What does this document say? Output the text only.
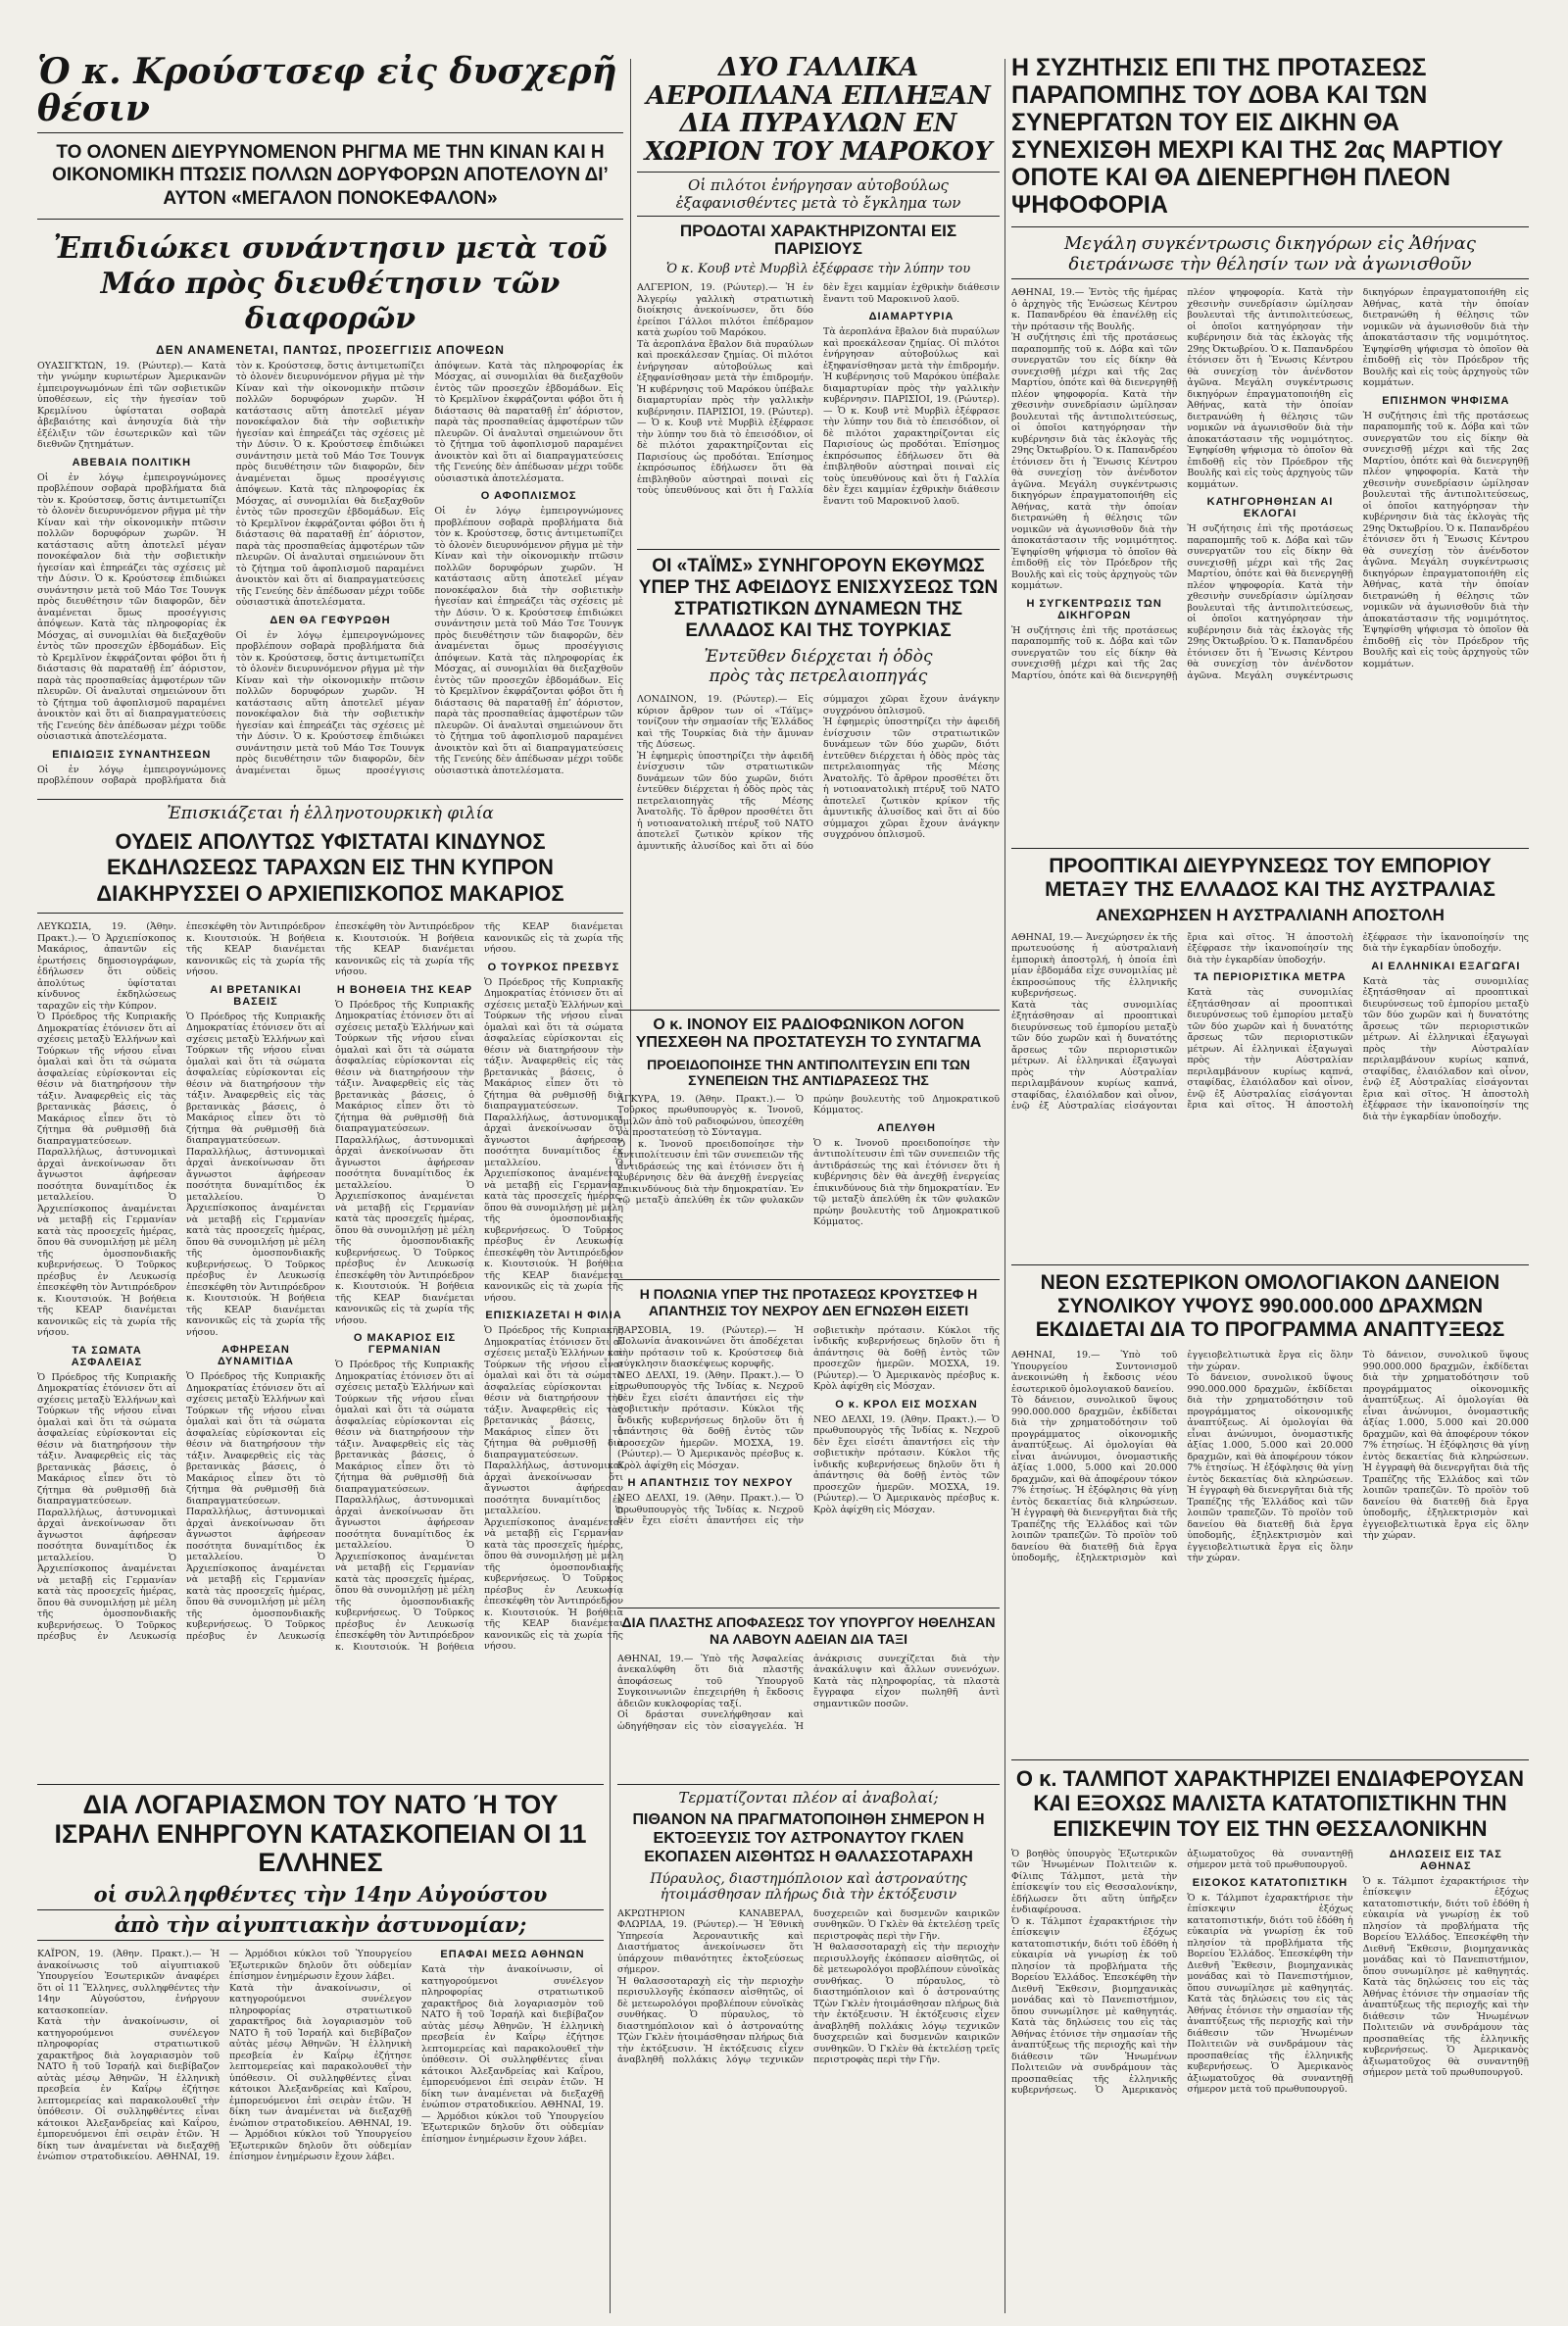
Ὁ κ. Κρούστσεφ εἰς δυσχερῆ θέσιν
ΤΟ ΟΛΟΝΕΝ ΔΙΕΥΡΥΝΟΜΕΝΟΝ ΡΗΓΜΑ ΜΕ ΤΗΝ ΚΙΝΑΝ ΚΑΙ Η ΟΙΚΟΝΟΜΙΚΗ ΠΤΩΣΙΣ ΠΟΛΛΩΝ ΔΟΡΥΦΟΡΩΝ ΑΠΟΤΕΛΟΥΝ ΔΙ’ ΑΥΤΟΝ «ΜΕΓΑΛΟΝ ΠΟΝΟΚΕΦΑΛΟΝ»
Ἐπιδιώκει συνάντησιν μετὰ τοῦ Μάο πρὸς διευθέτησιν τῶν διαφορῶν
ΔΕΝ ΑΝΑΜΕΝΕΤΑΙ, ΠΑΝΤΩΣ, ΠΡΟΣΕΓΓΙΣΙΣ ΑΠΟΨΕΩΝ

ΟΥΑΣΙΓΚΤΩΝ, 19. (Ρώυτερ).— Κατὰ τὴν γνώμην κυριωτέρων Ἀμερικανῶν ἐμπειρογνωμόνων ἐπὶ τῶν σοβιετικῶν ὑποθέσεων, εἰς τὴν ἡγεσίαν τοῦ Κρεμλίνου ὑφίσταται σοβαρὰ ἀβεβαιότης καὶ ἀνησυχία διὰ τὴν ἐξέλιξιν τῶν ἐσωτερικῶν καὶ τῶν διεθνῶν ζητημάτων.

ΑΒΕΒΑΙΑ ΠΟΛΙΤΙΚΗ

Οἱ ἐν λόγῳ ἐμπειρογνώμονες προβλέπουν σοβαρὰ προβλήματα διὰ τὸν κ. Κρούστσεφ, ὅστις ἀντιμετωπίζει τὸ ὁλονὲν διευρυνόμενον ρῆγμα μὲ τὴν Κίναν καὶ τὴν οἰκονομικὴν πτῶσιν πολλῶν δορυφόρων χωρῶν. Ἡ κατάστασις αὕτη ἀποτελεῖ μέγαν πονοκέφαλον διὰ τὴν σοβιετικὴν ἡγεσίαν καὶ ἐπηρεάζει τὰς σχέσεις μὲ τὴν Δύσιν. Ὁ κ. Κρούστσεφ ἐπιδιώκει συνάντησιν μετὰ τοῦ Μάο Τσε Τουνγκ πρὸς διευθέτησιν τῶν διαφορῶν, δὲν ἀναμένεται ὅμως προσέγγισις ἀπόψεων. Κατὰ τὰς πληροφορίας ἐκ Μόσχας, αἱ συνομιλίαι θὰ διεξαχθοῦν ἐντὸς τῶν προσεχῶν ἑβδομάδων. Εἰς τὸ Κρεμλῖνον ἐκφράζονται φόβοι ὅτι ἡ διάστασις θὰ παραταθῇ ἐπ’ ἀόριστον, παρὰ τὰς προσπαθείας ἀμφοτέρων τῶν πλευρῶν. Οἱ ἀναλυταὶ σημειώνουν ὅτι τὸ ζήτημα τοῦ ἀφοπλισμοῦ παραμένει ἀνοικτὸν καὶ ὅτι αἱ διαπραγματεύσεις τῆς Γενεύης δὲν ἀπέδωσαν μέχρι τοῦδε οὐσιαστικὰ ἀποτελέσματα.

ΕΠΙΔΙΩΞΙΣ ΣΥΝΑΝΤΗΣΕΩΝ

Οἱ ἐν λόγῳ ἐμπειρογνώμονες προβλέπουν σοβαρὰ προβλήματα διὰ τὸν κ. Κρούστσεφ, ὅστις ἀντιμετωπίζει τὸ ὁλονὲν διευρυνόμενον ρῆγμα μὲ τὴν Κίναν καὶ τὴν οἰκονομικὴν πτῶσιν πολλῶν δορυφόρων χωρῶν. Ἡ κατάστασις αὕτη ἀποτελεῖ μέγαν πονοκέφαλον διὰ τὴν σοβιετικὴν ἡγεσίαν καὶ ἐπηρεάζει τὰς σχέσεις μὲ τὴν Δύσιν. Ὁ κ. Κρούστσεφ ἐπιδιώκει συνάντησιν μετὰ τοῦ Μάο Τσε Τουνγκ πρὸς διευθέτησιν τῶν διαφορῶν, δὲν ἀναμένεται ὅμως προσέγγισις ἀπόψεων. Κατὰ τὰς πληροφορίας ἐκ Μόσχας, αἱ συνομιλίαι θὰ διεξαχθοῦν ἐντὸς τῶν προσεχῶν ἑβδομάδων. Εἰς τὸ Κρεμλῖνον ἐκφράζονται φόβοι ὅτι ἡ διάστασις θὰ παραταθῇ ἐπ’ ἀόριστον, παρὰ τὰς προσπαθείας ἀμφοτέρων τῶν πλευρῶν. Οἱ ἀναλυταὶ σημειώνουν ὅτι τὸ ζήτημα τοῦ ἀφοπλισμοῦ παραμένει ἀνοικτὸν καὶ ὅτι αἱ διαπραγματεύσεις τῆς Γενεύης δὲν ἀπέδωσαν μέχρι τοῦδε οὐσιαστικὰ ἀποτελέσματα.

ΔΕΝ ΘΑ ΓΕΦΥΡΩΘΗ

Οἱ ἐν λόγῳ ἐμπειρογνώμονες προβλέπουν σοβαρὰ προβλήματα διὰ τὸν κ. Κρούστσεφ, ὅστις ἀντιμετωπίζει τὸ ὁλονὲν διευρυνόμενον ρῆγμα μὲ τὴν Κίναν καὶ τὴν οἰκονομικὴν πτῶσιν πολλῶν δορυφόρων χωρῶν. Ἡ κατάστασις αὕτη ἀποτελεῖ μέγαν πονοκέφαλον διὰ τὴν σοβιετικὴν ἡγεσίαν καὶ ἐπηρεάζει τὰς σχέσεις μὲ τὴν Δύσιν. Ὁ κ. Κρούστσεφ ἐπιδιώκει συνάντησιν μετὰ τοῦ Μάο Τσε Τουνγκ πρὸς διευθέτησιν τῶν διαφορῶν, δὲν ἀναμένεται ὅμως προσέγγισις ἀπόψεων. Κατὰ τὰς πληροφορίας ἐκ Μόσχας, αἱ συνομιλίαι θὰ διεξαχθοῦν ἐντὸς τῶν προσεχῶν ἑβδομάδων. Εἰς τὸ Κρεμλῖνον ἐκφράζονται φόβοι ὅτι ἡ διάστασις θὰ παραταθῇ ἐπ’ ἀόριστον, παρὰ τὰς προσπαθείας ἀμφοτέρων τῶν πλευρῶν. Οἱ ἀναλυταὶ σημειώνουν ὅτι τὸ ζήτημα τοῦ ἀφοπλισμοῦ παραμένει ἀνοικτὸν καὶ ὅτι αἱ διαπραγματεύσεις τῆς Γενεύης δὲν ἀπέδωσαν μέχρι τοῦδε οὐσιαστικὰ ἀποτελέσματα.

Ο ΑΦΟΠΛΙΣΜΟΣ

Οἱ ἐν λόγῳ ἐμπειρογνώμονες προβλέπουν σοβαρὰ προβλήματα διὰ τὸν κ. Κρούστσεφ, ὅστις ἀντιμετωπίζει τὸ ὁλονὲν διευρυνόμενον ρῆγμα μὲ τὴν Κίναν καὶ τὴν οἰκονομικὴν πτῶσιν πολλῶν δορυφόρων χωρῶν. Ἡ κατάστασις αὕτη ἀποτελεῖ μέγαν πονοκέφαλον διὰ τὴν σοβιετικὴν ἡγεσίαν καὶ ἐπηρεάζει τὰς σχέσεις μὲ τὴν Δύσιν. Ὁ κ. Κρούστσεφ ἐπιδιώκει συνάντησιν μετὰ τοῦ Μάο Τσε Τουνγκ πρὸς διευθέτησιν τῶν διαφορῶν, δὲν ἀναμένεται ὅμως προσέγγισις ἀπόψεων. Κατὰ τὰς πληροφορίας ἐκ Μόσχας, αἱ συνομιλίαι θὰ διεξαχθοῦν ἐντὸς τῶν προσεχῶν ἑβδομάδων. Εἰς τὸ Κρεμλῖνον ἐκφράζονται φόβοι ὅτι ἡ διάστασις θὰ παραταθῇ ἐπ’ ἀόριστον, παρὰ τὰς προσπαθείας ἀμφοτέρων τῶν πλευρῶν. Οἱ ἀναλυταὶ σημειώνουν ὅτι τὸ ζήτημα τοῦ ἀφοπλισμοῦ παραμένει ἀνοικτὸν καὶ ὅτι αἱ διαπραγματεύσεις τῆς Γενεύης δὲν ἀπέδωσαν μέχρι τοῦδε οὐσιαστικὰ ἀποτελέσματα.

ΔΥΟ ΓΑΛΛΙΚΑ ΑΕΡΟΠΛΑΝΑ ΕΠΛΗΞΑΝ ΔΙΑ ΠΥΡΑΥΛΩΝ ΕΝ ΧΩΡΙΟΝ ΤΟΥ ΜΑΡΟΚΟΥ
Οἱ πιλότοι ἐνήργησαν αὐτοβούλως
ἐξαφανισθέντες μετὰ τὸ ἔγκλημα των
ΠΡΟΔΟΤΑΙ ΧΑΡΑΚΤΗΡΙΖΟΝΤΑΙ ΕΙΣ ΠΑΡΙΣΙΟΥΣ
Ὁ κ. Κουβ ντὲ Μυρβὶλ ἐξέφρασε τὴν λύπην του

ΑΛΓΕΡΙΟΝ, 19. (Ρώυτερ).— Ἡ ἐν Ἀλγερίῳ γαλλικὴ στρατιωτικὴ διοίκησις ἀνεκοίνωσεν, ὅτι δύο ἐρείποι Γάλλοι πιλότοι ἐπέδραμον κατὰ χωρίου τοῦ Μαρόκου.

Τὰ ἀεροπλάνα ἔβαλον διὰ πυραύλων καὶ προεκάλεσαν ζημίας. Οἱ πιλότοι ἐνήργησαν αὐτοβούλως καὶ ἐξηφανίσθησαν μετὰ τὴν ἐπιδρομήν. Ἡ κυβέρνησις τοῦ Μαρόκου ὑπέβαλε διαμαρτυρίαν πρὸς τὴν γαλλικὴν κυβέρνησιν. ΠΑΡΙΣΙΟΙ, 19. (Ρώυτερ).— Ὁ κ. Κουβ ντὲ Μυρβὶλ ἐξέφρασε τὴν λύπην του διὰ τὸ ἐπεισόδιον, οἱ δὲ πιλότοι χαρακτηρίζονται εἰς Παρισίους ὡς προδόται. Ἐπίσημος ἐκπρόσωπος ἐδήλωσεν ὅτι θὰ ἐπιβληθοῦν αὐστηραὶ ποιναὶ εἰς τοὺς ὑπευθύνους καὶ ὅτι ἡ Γαλλία δὲν ἔχει καμμίαν ἐχθρικὴν διάθεσιν ἔναντι τοῦ Μαροκινοῦ λαοῦ.

ΔΙΑΜΑΡΤΥΡΙΑ

Τὰ ἀεροπλάνα ἔβαλον διὰ πυραύλων καὶ προεκάλεσαν ζημίας. Οἱ πιλότοι ἐνήργησαν αὐτοβούλως καὶ ἐξηφανίσθησαν μετὰ τὴν ἐπιδρομήν. Ἡ κυβέρνησις τοῦ Μαρόκου ὑπέβαλε διαμαρτυρίαν πρὸς τὴν γαλλικὴν κυβέρνησιν. ΠΑΡΙΣΙΟΙ, 19. (Ρώυτερ).— Ὁ κ. Κουβ ντὲ Μυρβὶλ ἐξέφρασε τὴν λύπην του διὰ τὸ ἐπεισόδιον, οἱ δὲ πιλότοι χαρακτηρίζονται εἰς Παρισίους ὡς προδόται. Ἐπίσημος ἐκπρόσωπος ἐδήλωσεν ὅτι θὰ ἐπιβληθοῦν αὐστηραὶ ποιναὶ εἰς τοὺς ὑπευθύνους καὶ ὅτι ἡ Γαλλία δὲν ἔχει καμμίαν ἐχθρικὴν διάθεσιν ἔναντι τοῦ Μαροκινοῦ λαοῦ.

Η ΣΥΖΗΤΗΣΙΣ ΕΠΙ ΤΗΣ ΠΡΟΤΑΣΕΩΣ ΠΑΡΑΠΟΜΠΗΣ ΤΟΥ ΔΟΒΑ ΚΑΙ ΤΩΝ ΣΥΝΕΡΓΑΤΩΝ ΤΟΥ ΕΙΣ ΔΙΚΗΝ ΘΑ ΣΥΝΕΧΙΣΘΗ ΜΕΧΡΙ ΚΑΙ ΤΗΣ 2ας ΜΑΡΤΙΟΥ ΟΠΟΤΕ ΚΑΙ ΘΑ ΔΙΕΝΕΡΓΗΘΗ ΠΛΕΟΝ ΨΗΦΟΦΟΡΙΑ
Μεγάλη συγκέντρωσις δικηγόρων εἰς Ἀθήνας
διετράνωσε τὴν θέλησίν των νὰ ἀγωνισθοῦν

ΑΘΗΝΑΙ, 19.— Ἐντὸς τῆς ἡμέρας ὁ ἀρχηγὸς τῆς Ἑνώσεως Κέντρου κ. Παπανδρέου θὰ ἐπανέλθῃ εἰς τὴν πρότασιν τῆς Βουλῆς.

Ἡ συζήτησις ἐπὶ τῆς προτάσεως παραπομπῆς τοῦ κ. Δόβα καὶ τῶν συνεργατῶν του εἰς δίκην θὰ συνεχισθῇ μέχρι καὶ τῆς 2ας Μαρτίου, ὁπότε καὶ θὰ διενεργηθῇ πλέον ψηφοφορία. Κατὰ τὴν χθεσινὴν συνεδρίασιν ὡμίλησαν βουλευταὶ τῆς ἀντιπολιτεύσεως, οἱ ὁποῖοι κατηγόρησαν τὴν κυβέρνησιν διὰ τὰς ἐκλογὰς τῆς 29ης Ὀκτωβρίου. Ὁ κ. Παπανδρέου ἐτόνισεν ὅτι ἡ Ἕνωσις Κέντρου θὰ συνεχίσῃ τὸν ἀνένδοτον ἀγῶνα. Μεγάλη συγκέντρωσις δικηγόρων ἐπραγματοποιήθη εἰς Ἀθήνας, κατὰ τὴν ὁποίαν διετρανώθη ἡ θέλησις τῶν νομικῶν νὰ ἀγωνισθοῦν διὰ τὴν ἀποκατάστασιν τῆς νομιμότητος. Ἐψηφίσθη ψήφισμα τὸ ὁποῖον θὰ ἐπιδοθῇ εἰς τὸν Πρόεδρον τῆς Βουλῆς καὶ εἰς τοὺς ἀρχηγοὺς τῶν κομμάτων.

Η ΣΥΓΚΕΝΤΡΩΣΙΣ ΤΩΝ ΔΙΚΗΓΟΡΩΝ

Ἡ συζήτησις ἐπὶ τῆς προτάσεως παραπομπῆς τοῦ κ. Δόβα καὶ τῶν συνεργατῶν του εἰς δίκην θὰ συνεχισθῇ μέχρι καὶ τῆς 2ας Μαρτίου, ὁπότε καὶ θὰ διενεργηθῇ πλέον ψηφοφορία. Κατὰ τὴν χθεσινὴν συνεδρίασιν ὡμίλησαν βουλευταὶ τῆς ἀντιπολιτεύσεως, οἱ ὁποῖοι κατηγόρησαν τὴν κυβέρνησιν διὰ τὰς ἐκλογὰς τῆς 29ης Ὀκτωβρίου. Ὁ κ. Παπανδρέου ἐτόνισεν ὅτι ἡ Ἕνωσις Κέντρου θὰ συνεχίσῃ τὸν ἀνένδοτον ἀγῶνα. Μεγάλη συγκέντρωσις δικηγόρων ἐπραγματοποιήθη εἰς Ἀθήνας, κατὰ τὴν ὁποίαν διετρανώθη ἡ θέλησις τῶν νομικῶν νὰ ἀγωνισθοῦν διὰ τὴν ἀποκατάστασιν τῆς νομιμότητος. Ἐψηφίσθη ψήφισμα τὸ ὁποῖον θὰ ἐπιδοθῇ εἰς τὸν Πρόεδρον τῆς Βουλῆς καὶ εἰς τοὺς ἀρχηγοὺς τῶν κομμάτων.

ΚΑΤΗΓΟΡΗΘΗΣΑΝ ΑΙ ΕΚΛΟΓΑΙ

Ἡ συζήτησις ἐπὶ τῆς προτάσεως παραπομπῆς τοῦ κ. Δόβα καὶ τῶν συνεργατῶν του εἰς δίκην θὰ συνεχισθῇ μέχρι καὶ τῆς 2ας Μαρτίου, ὁπότε καὶ θὰ διενεργηθῇ πλέον ψηφοφορία. Κατὰ τὴν χθεσινὴν συνεδρίασιν ὡμίλησαν βουλευταὶ τῆς ἀντιπολιτεύσεως, οἱ ὁποῖοι κατηγόρησαν τὴν κυβέρνησιν διὰ τὰς ἐκλογὰς τῆς 29ης Ὀκτωβρίου. Ὁ κ. Παπανδρέου ἐτόνισεν ὅτι ἡ Ἕνωσις Κέντρου θὰ συνεχίσῃ τὸν ἀνένδοτον ἀγῶνα. Μεγάλη συγκέντρωσις δικηγόρων ἐπραγματοποιήθη εἰς Ἀθήνας, κατὰ τὴν ὁποίαν διετρανώθη ἡ θέλησις τῶν νομικῶν νὰ ἀγωνισθοῦν διὰ τὴν ἀποκατάστασιν τῆς νομιμότητος. Ἐψηφίσθη ψήφισμα τὸ ὁποῖον θὰ ἐπιδοθῇ εἰς τὸν Πρόεδρον τῆς Βουλῆς καὶ εἰς τοὺς ἀρχηγοὺς τῶν κομμάτων.

ΕΠΙΣΗΜΟΝ ΨΗΦΙΣΜΑ

Ἡ συζήτησις ἐπὶ τῆς προτάσεως παραπομπῆς τοῦ κ. Δόβα καὶ τῶν συνεργατῶν του εἰς δίκην θὰ συνεχισθῇ μέχρι καὶ τῆς 2ας Μαρτίου, ὁπότε καὶ θὰ διενεργηθῇ πλέον ψηφοφορία. Κατὰ τὴν χθεσινὴν συνεδρίασιν ὡμίλησαν βουλευταὶ τῆς ἀντιπολιτεύσεως, οἱ ὁποῖοι κατηγόρησαν τὴν κυβέρνησιν διὰ τὰς ἐκλογὰς τῆς 29ης Ὀκτωβρίου. Ὁ κ. Παπανδρέου ἐτόνισεν ὅτι ἡ Ἕνωσις Κέντρου θὰ συνεχίσῃ τὸν ἀνένδοτον ἀγῶνα. Μεγάλη συγκέντρωσις δικηγόρων ἐπραγματοποιήθη εἰς Ἀθήνας, κατὰ τὴν ὁποίαν διετρανώθη ἡ θέλησις τῶν νομικῶν νὰ ἀγωνισθοῦν διὰ τὴν ἀποκατάστασιν τῆς νομιμότητος. Ἐψηφίσθη ψήφισμα τὸ ὁποῖον θὰ ἐπιδοθῇ εἰς τὸν Πρόεδρον τῆς Βουλῆς καὶ εἰς τοὺς ἀρχηγοὺς τῶν κομμάτων.

ΟΙ «ΤΑΪΜΣ» ΣΥΝΗΓΟΡΟΥΝ ΕΚΘΥΜΩΣ ΥΠΕΡ ΤΗΣ ΑΦΕΙΔΟΥΣ ΕΝΙΣΧΥΣΕΩΣ ΤΩΝ ΣΤΡΑΤΙΩΤΙΚΩΝ ΔΥΝΑΜΕΩΝ ΤΗΣ ΕΛΛΑΔΟΣ ΚΑΙ ΤΗΣ ΤΟΥΡΚΙΑΣ
Ἐντεῦθεν διέρχεται ἡ ὁδὸς
πρὸς τὰς πετρελαιοπηγάς

ΛΟΝΔΙΝΟΝ, 19. (Ρώυτερ).— Εἰς κύριον ἄρθρον των οἱ «Τάϊμς» τονίζουν τὴν σημασίαν τῆς Ἑλλάδος καὶ τῆς Τουρκίας διὰ τὴν ἄμυναν τῆς Δύσεως.

Ἡ ἐφημερὶς ὑποστηρίζει τὴν ἀφειδῆ ἐνίσχυσιν τῶν στρατιωτικῶν δυνάμεων τῶν δύο χωρῶν, διότι ἐντεῦθεν διέρχεται ἡ ὁδὸς πρὸς τὰς πετρελαιοπηγὰς τῆς Μέσης Ἀνατολῆς. Τὸ ἄρθρον προσθέτει ὅτι ἡ νοτιοανατολικὴ πτέρυξ τοῦ ΝΑΤΟ ἀποτελεῖ ζωτικὸν κρίκον τῆς ἀμυντικῆς ἀλυσίδος καὶ ὅτι αἱ δύο σύμμαχοι χῶραι ἔχουν ἀνάγκην συγχρόνου ὁπλισμοῦ.

Ἡ ἐφημερὶς ὑποστηρίζει τὴν ἀφειδῆ ἐνίσχυσιν τῶν στρατιωτικῶν δυνάμεων τῶν δύο χωρῶν, διότι ἐντεῦθεν διέρχεται ἡ ὁδὸς πρὸς τὰς πετρελαιοπηγὰς τῆς Μέσης Ἀνατολῆς. Τὸ ἄρθρον προσθέτει ὅτι ἡ νοτιοανατολικὴ πτέρυξ τοῦ ΝΑΤΟ ἀποτελεῖ ζωτικὸν κρίκον τῆς ἀμυντικῆς ἀλυσίδος καὶ ὅτι αἱ δύο σύμμαχοι χῶραι ἔχουν ἀνάγκην συγχρόνου ὁπλισμοῦ.

Ἐπισκιάζεται ἡ ἑλληνοτουρκικὴ φιλία
ΟΥΔΕΙΣ ΑΠΟΛΥΤΩΣ ΥΦΙΣΤΑΤΑΙ ΚΙΝΔΥΝΟΣ ΕΚΔΗΛΩΣΕΩΣ ΤΑΡΑΧΩΝ ΕΙΣ ΤΗΝ ΚΥΠΡΟΝ ΔΙΑΚΗΡΥΣΣΕΙ Ο ΑΡΧΙΕΠΙΣΚΟΠΟΣ ΜΑΚΑΡΙΟΣ

ΛΕΥΚΩΣΙΑ, 19. (Ἀθην. Πρακτ.).— Ὁ Ἀρχιεπίσκοπος Μακάριος, ἀπαντῶν εἰς ἐρωτήσεις δημοσιογράφων, ἐδήλωσεν ὅτι οὐδεὶς ἀπολύτως ὑφίσταται κίνδυνος ἐκδηλώσεως ταραχῶν εἰς τὴν Κύπρον.

Ὁ Πρόεδρος τῆς Κυπριακῆς Δημοκρατίας ἐτόνισεν ὅτι αἱ σχέσεις μεταξὺ Ἑλλήνων καὶ Τούρκων τῆς νήσου εἶναι ὁμαλαὶ καὶ ὅτι τὰ σώματα ἀσφαλείας εὑρίσκονται εἰς θέσιν νὰ διατηρήσουν τὴν τάξιν. Ἀναφερθεὶς εἰς τὰς βρετανικὰς βάσεις, ὁ Μακάριος εἶπεν ὅτι τὸ ζήτημα θὰ ρυθμισθῇ διὰ διαπραγματεύσεων. Παραλλήλως, ἀστυνομικαὶ ἀρχαὶ ἀνεκοίνωσαν ὅτι ἄγνωστοι ἀφήρεσαν ποσότητα δυναμίτιδος ἐκ μεταλλείου. Ὁ Ἀρχιεπίσκοπος ἀναμένεται νὰ μεταβῇ εἰς Γερμανίαν κατὰ τὰς προσεχεῖς ἡμέρας, ὅπου θὰ συνομιλήσῃ μὲ μέλη τῆς ὁμοσπονδιακῆς κυβερνήσεως. Ὁ Τοῦρκος πρέσβυς ἐν Λευκωσίᾳ ἐπεσκέφθη τὸν Ἀντιπρόεδρον κ. Κιουτσιούκ. Ἡ βοήθεια τῆς ΚΕΑΡ διανέμεται κανονικῶς εἰς τὰ χωρία τῆς νήσου.

ΤΑ ΣΩΜΑΤΑ ΑΣΦΑΛΕΙΑΣ

Ὁ Πρόεδρος τῆς Κυπριακῆς Δημοκρατίας ἐτόνισεν ὅτι αἱ σχέσεις μεταξὺ Ἑλλήνων καὶ Τούρκων τῆς νήσου εἶναι ὁμαλαὶ καὶ ὅτι τὰ σώματα ἀσφαλείας εὑρίσκονται εἰς θέσιν νὰ διατηρήσουν τὴν τάξιν. Ἀναφερθεὶς εἰς τὰς βρετανικὰς βάσεις, ὁ Μακάριος εἶπεν ὅτι τὸ ζήτημα θὰ ρυθμισθῇ διὰ διαπραγματεύσεων. Παραλλήλως, ἀστυνομικαὶ ἀρχαὶ ἀνεκοίνωσαν ὅτι ἄγνωστοι ἀφήρεσαν ποσότητα δυναμίτιδος ἐκ μεταλλείου. Ὁ Ἀρχιεπίσκοπος ἀναμένεται νὰ μεταβῇ εἰς Γερμανίαν κατὰ τὰς προσεχεῖς ἡμέρας, ὅπου θὰ συνομιλήσῃ μὲ μέλη τῆς ὁμοσπονδιακῆς κυβερνήσεως. Ὁ Τοῦρκος πρέσβυς ἐν Λευκωσίᾳ ἐπεσκέφθη τὸν Ἀντιπρόεδρον κ. Κιουτσιούκ. Ἡ βοήθεια τῆς ΚΕΑΡ διανέμεται κανονικῶς εἰς τὰ χωρία τῆς νήσου.

ΑΙ ΒΡΕΤΑΝΙΚΑΙ ΒΑΣΕΙΣ

Ὁ Πρόεδρος τῆς Κυπριακῆς Δημοκρατίας ἐτόνισεν ὅτι αἱ σχέσεις μεταξὺ Ἑλλήνων καὶ Τούρκων τῆς νήσου εἶναι ὁμαλαὶ καὶ ὅτι τὰ σώματα ἀσφαλείας εὑρίσκονται εἰς θέσιν νὰ διατηρήσουν τὴν τάξιν. Ἀναφερθεὶς εἰς τὰς βρετανικὰς βάσεις, ὁ Μακάριος εἶπεν ὅτι τὸ ζήτημα θὰ ρυθμισθῇ διὰ διαπραγματεύσεων. Παραλλήλως, ἀστυνομικαὶ ἀρχαὶ ἀνεκοίνωσαν ὅτι ἄγνωστοι ἀφήρεσαν ποσότητα δυναμίτιδος ἐκ μεταλλείου. Ὁ Ἀρχιεπίσκοπος ἀναμένεται νὰ μεταβῇ εἰς Γερμανίαν κατὰ τὰς προσεχεῖς ἡμέρας, ὅπου θὰ συνομιλήσῃ μὲ μέλη τῆς ὁμοσπονδιακῆς κυβερνήσεως. Ὁ Τοῦρκος πρέσβυς ἐν Λευκωσίᾳ ἐπεσκέφθη τὸν Ἀντιπρόεδρον κ. Κιουτσιούκ. Ἡ βοήθεια τῆς ΚΕΑΡ διανέμεται κανονικῶς εἰς τὰ χωρία τῆς νήσου.

ΑΦΗΡΕΣΑΝ ΔΥΝΑΜΙΤΙΔΑ

Ὁ Πρόεδρος τῆς Κυπριακῆς Δημοκρατίας ἐτόνισεν ὅτι αἱ σχέσεις μεταξὺ Ἑλλήνων καὶ Τούρκων τῆς νήσου εἶναι ὁμαλαὶ καὶ ὅτι τὰ σώματα ἀσφαλείας εὑρίσκονται εἰς θέσιν νὰ διατηρήσουν τὴν τάξιν. Ἀναφερθεὶς εἰς τὰς βρετανικὰς βάσεις, ὁ Μακάριος εἶπεν ὅτι τὸ ζήτημα θὰ ρυθμισθῇ διὰ διαπραγματεύσεων. Παραλλήλως, ἀστυνομικαὶ ἀρχαὶ ἀνεκοίνωσαν ὅτι ἄγνωστοι ἀφήρεσαν ποσότητα δυναμίτιδος ἐκ μεταλλείου. Ὁ Ἀρχιεπίσκοπος ἀναμένεται νὰ μεταβῇ εἰς Γερμανίαν κατὰ τὰς προσεχεῖς ἡμέρας, ὅπου θὰ συνομιλήσῃ μὲ μέλη τῆς ὁμοσπονδιακῆς κυβερνήσεως. Ὁ Τοῦρκος πρέσβυς ἐν Λευκωσίᾳ ἐπεσκέφθη τὸν Ἀντιπρόεδρον κ. Κιουτσιούκ. Ἡ βοήθεια τῆς ΚΕΑΡ διανέμεται κανονικῶς εἰς τὰ χωρία τῆς νήσου.

Η ΒΟΗΘΕΙΑ ΤΗΣ ΚΕΑΡ

Ὁ Πρόεδρος τῆς Κυπριακῆς Δημοκρατίας ἐτόνισεν ὅτι αἱ σχέσεις μεταξὺ Ἑλλήνων καὶ Τούρκων τῆς νήσου εἶναι ὁμαλαὶ καὶ ὅτι τὰ σώματα ἀσφαλείας εὑρίσκονται εἰς θέσιν νὰ διατηρήσουν τὴν τάξιν. Ἀναφερθεὶς εἰς τὰς βρετανικὰς βάσεις, ὁ Μακάριος εἶπεν ὅτι τὸ ζήτημα θὰ ρυθμισθῇ διὰ διαπραγματεύσεων. Παραλλήλως, ἀστυνομικαὶ ἀρχαὶ ἀνεκοίνωσαν ὅτι ἄγνωστοι ἀφήρεσαν ποσότητα δυναμίτιδος ἐκ μεταλλείου. Ὁ Ἀρχιεπίσκοπος ἀναμένεται νὰ μεταβῇ εἰς Γερμανίαν κατὰ τὰς προσεχεῖς ἡμέρας, ὅπου θὰ συνομιλήσῃ μὲ μέλη τῆς ὁμοσπονδιακῆς κυβερνήσεως. Ὁ Τοῦρκος πρέσβυς ἐν Λευκωσίᾳ ἐπεσκέφθη τὸν Ἀντιπρόεδρον κ. Κιουτσιούκ. Ἡ βοήθεια τῆς ΚΕΑΡ διανέμεται κανονικῶς εἰς τὰ χωρία τῆς νήσου.

Ο ΜΑΚΑΡΙΟΣ ΕΙΣ ΓΕΡΜΑΝΙΑΝ

Ὁ Πρόεδρος τῆς Κυπριακῆς Δημοκρατίας ἐτόνισεν ὅτι αἱ σχέσεις μεταξὺ Ἑλλήνων καὶ Τούρκων τῆς νήσου εἶναι ὁμαλαὶ καὶ ὅτι τὰ σώματα ἀσφαλείας εὑρίσκονται εἰς θέσιν νὰ διατηρήσουν τὴν τάξιν. Ἀναφερθεὶς εἰς τὰς βρετανικὰς βάσεις, ὁ Μακάριος εἶπεν ὅτι τὸ ζήτημα θὰ ρυθμισθῇ διὰ διαπραγματεύσεων. Παραλλήλως, ἀστυνομικαὶ ἀρχαὶ ἀνεκοίνωσαν ὅτι ἄγνωστοι ἀφήρεσαν ποσότητα δυναμίτιδος ἐκ μεταλλείου. Ὁ Ἀρχιεπίσκοπος ἀναμένεται νὰ μεταβῇ εἰς Γερμανίαν κατὰ τὰς προσεχεῖς ἡμέρας, ὅπου θὰ συνομιλήσῃ μὲ μέλη τῆς ὁμοσπονδιακῆς κυβερνήσεως. Ὁ Τοῦρκος πρέσβυς ἐν Λευκωσίᾳ ἐπεσκέφθη τὸν Ἀντιπρόεδρον κ. Κιουτσιούκ. Ἡ βοήθεια τῆς ΚΕΑΡ διανέμεται κανονικῶς εἰς τὰ χωρία τῆς νήσου.

Ο ΤΟΥΡΚΟΣ ΠΡΕΣΒΥΣ

Ὁ Πρόεδρος τῆς Κυπριακῆς Δημοκρατίας ἐτόνισεν ὅτι αἱ σχέσεις μεταξὺ Ἑλλήνων καὶ Τούρκων τῆς νήσου εἶναι ὁμαλαὶ καὶ ὅτι τὰ σώματα ἀσφαλείας εὑρίσκονται εἰς θέσιν νὰ διατηρήσουν τὴν τάξιν. Ἀναφερθεὶς εἰς τὰς βρετανικὰς βάσεις, ὁ Μακάριος εἶπεν ὅτι τὸ ζήτημα θὰ ρυθμισθῇ διὰ διαπραγματεύσεων. Παραλλήλως, ἀστυνομικαὶ ἀρχαὶ ἀνεκοίνωσαν ὅτι ἄγνωστοι ἀφήρεσαν ποσότητα δυναμίτιδος ἐκ μεταλλείου. Ὁ Ἀρχιεπίσκοπος ἀναμένεται νὰ μεταβῇ εἰς Γερμανίαν κατὰ τὰς προσεχεῖς ἡμέρας, ὅπου θὰ συνομιλήσῃ μὲ μέλη τῆς ὁμοσπονδιακῆς κυβερνήσεως. Ὁ Τοῦρκος πρέσβυς ἐν Λευκωσίᾳ ἐπεσκέφθη τὸν Ἀντιπρόεδρον κ. Κιουτσιούκ. Ἡ βοήθεια τῆς ΚΕΑΡ διανέμεται κανονικῶς εἰς τὰ χωρία τῆς νήσου.

ΕΠΙΣΚΙΑΖΕΤΑΙ Η ΦΙΛΙΑ

Ὁ Πρόεδρος τῆς Κυπριακῆς Δημοκρατίας ἐτόνισεν ὅτι αἱ σχέσεις μεταξὺ Ἑλλήνων καὶ Τούρκων τῆς νήσου εἶναι ὁμαλαὶ καὶ ὅτι τὰ σώματα ἀσφαλείας εὑρίσκονται εἰς θέσιν νὰ διατηρήσουν τὴν τάξιν. Ἀναφερθεὶς εἰς τὰς βρετανικὰς βάσεις, ὁ Μακάριος εἶπεν ὅτι τὸ ζήτημα θὰ ρυθμισθῇ διὰ διαπραγματεύσεων. Παραλλήλως, ἀστυνομικαὶ ἀρχαὶ ἀνεκοίνωσαν ὅτι ἄγνωστοι ἀφήρεσαν ποσότητα δυναμίτιδος ἐκ μεταλλείου. Ὁ Ἀρχιεπίσκοπος ἀναμένεται νὰ μεταβῇ εἰς Γερμανίαν κατὰ τὰς προσεχεῖς ἡμέρας, ὅπου θὰ συνομιλήσῃ μὲ μέλη τῆς ὁμοσπονδιακῆς κυβερνήσεως. Ὁ Τοῦρκος πρέσβυς ἐν Λευκωσίᾳ ἐπεσκέφθη τὸν Ἀντιπρόεδρον κ. Κιουτσιούκ. Ἡ βοήθεια τῆς ΚΕΑΡ διανέμεται κανονικῶς εἰς τὰ χωρία τῆς νήσου.

ΠΡΟΟΠΤΙΚΑΙ ΔΙΕΥΡΥΝΣΕΩΣ ΤΟΥ ΕΜΠΟΡΙΟΥ ΜΕΤΑΞΥ ΤΗΣ ΕΛΛΑΔΟΣ ΚΑΙ ΤΗΣ ΑΥΣΤΡΑΛΙΑΣ
ΑΝΕΧΩΡΗΣΕΝ Η ΑΥΣΤΡΑΛΙΑΝΗ ΑΠΟΣΤΟΛΗ

ΑΘΗΝΑΙ, 19.— Ἀνεχώρησεν ἐκ τῆς πρωτευούσης ἡ αὐστραλιανὴ ἐμπορικὴ ἀποστολή, ἡ ὁποία ἐπὶ μίαν ἑβδομάδα εἶχε συνομιλίας μὲ ἐκπροσώπους τῆς ἑλληνικῆς κυβερνήσεως.

Κατὰ τὰς συνομιλίας ἐξητάσθησαν αἱ προοπτικαὶ διευρύνσεως τοῦ ἐμπορίου μεταξὺ τῶν δύο χωρῶν καὶ ἡ δυνατότης ἄρσεως τῶν περιοριστικῶν μέτρων. Αἱ ἑλληνικαὶ ἐξαγωγαὶ πρὸς τὴν Αὐστραλίαν περιλαμβάνουν κυρίως καπνά, σταφίδας, ἐλαιόλαδον καὶ οἶνον, ἐνῷ ἐξ Αὐστραλίας εἰσάγονται ἔρια καὶ σῖτος. Ἡ ἀποστολὴ ἐξέφρασε τὴν ἱκανοποίησίν της διὰ τὴν ἐγκαρδίαν ὑποδοχήν.

ΤΑ ΠΕΡΙΟΡΙΣΤΙΚΑ ΜΕΤΡΑ

Κατὰ τὰς συνομιλίας ἐξητάσθησαν αἱ προοπτικαὶ διευρύνσεως τοῦ ἐμπορίου μεταξὺ τῶν δύο χωρῶν καὶ ἡ δυνατότης ἄρσεως τῶν περιοριστικῶν μέτρων. Αἱ ἑλληνικαὶ ἐξαγωγαὶ πρὸς τὴν Αὐστραλίαν περιλαμβάνουν κυρίως καπνά, σταφίδας, ἐλαιόλαδον καὶ οἶνον, ἐνῷ ἐξ Αὐστραλίας εἰσάγονται ἔρια καὶ σῖτος. Ἡ ἀποστολὴ ἐξέφρασε τὴν ἱκανοποίησίν της διὰ τὴν ἐγκαρδίαν ὑποδοχήν.

ΑΙ ΕΛΛΗΝΙΚΑΙ ΕΞΑΓΩΓΑΙ

Κατὰ τὰς συνομιλίας ἐξητάσθησαν αἱ προοπτικαὶ διευρύνσεως τοῦ ἐμπορίου μεταξὺ τῶν δύο χωρῶν καὶ ἡ δυνατότης ἄρσεως τῶν περιοριστικῶν μέτρων. Αἱ ἑλληνικαὶ ἐξαγωγαὶ πρὸς τὴν Αὐστραλίαν περιλαμβάνουν κυρίως καπνά, σταφίδας, ἐλαιόλαδον καὶ οἶνον, ἐνῷ ἐξ Αὐστραλίας εἰσάγονται ἔρια καὶ σῖτος. Ἡ ἀποστολὴ ἐξέφρασε τὴν ἱκανοποίησίν της διὰ τὴν ἐγκαρδίαν ὑποδοχήν.

Ο κ. ΙΝΟΝΟΥ ΕΙΣ ΡΑΔΙΟΦΩΝΙΚΟΝ ΛΟΓΟΝ ΥΠΕΣΧΕΘΗ ΝΑ ΠΡΟΣΤΑΤΕΥΣΗ ΤΟ ΣΥΝΤΑΓΜΑ
ΠΡΟΕΙΔΟΠΟΙΗΣΕ ΤΗΝ ΑΝΤΙΠΟΛΙΤΕΥΣΙΝ ΕΠΙ ΤΩΝ ΣΥΝΕΠΕΙΩΝ ΤΗΣ ΑΝΤΙΔΡΑΣΕΩΣ ΤΗΣ

ΑΓΚΥΡΑ, 19. (Ἀθην. Πρακτ.).— Ὁ Τοῦρκος πρωθυπουργὸς κ. Ἰνονοῦ, ὁμιλῶν ἀπὸ τοῦ ραδιοφώνου, ὑπεσχέθη νὰ προστατεύσῃ τὸ Σύνταγμα.

Ὁ κ. Ἰνονοῦ προειδοποίησε τὴν ἀντιπολίτευσιν ἐπὶ τῶν συνεπειῶν τῆς ἀντιδράσεώς της καὶ ἐτόνισεν ὅτι ἡ κυβέρνησις δὲν θὰ ἀνεχθῇ ἐνεργείας ἐπικινδύνους διὰ τὴν δημοκρατίαν. Ἐν τῷ μεταξὺ ἀπελύθη ἐκ τῶν φυλακῶν πρώην βουλευτὴς τοῦ Δημοκρατικοῦ Κόμματος.

ΑΠΕΛΥΘΗ

Ὁ κ. Ἰνονοῦ προειδοποίησε τὴν ἀντιπολίτευσιν ἐπὶ τῶν συνεπειῶν τῆς ἀντιδράσεώς της καὶ ἐτόνισεν ὅτι ἡ κυβέρνησις δὲν θὰ ἀνεχθῇ ἐνεργείας ἐπικινδύνους διὰ τὴν δημοκρατίαν. Ἐν τῷ μεταξὺ ἀπελύθη ἐκ τῶν φυλακῶν πρώην βουλευτὴς τοῦ Δημοκρατικοῦ Κόμματος.

ΝΕΟΝ ΕΣΩΤΕΡΙΚΟΝ ΟΜΟΛΟΓΙΑΚΟΝ ΔΑΝΕΙΟΝ ΣΥΝΟΛΙΚΟΥ ΥΨΟΥΣ 990.000.000 ΔΡΑΧΜΩΝ ΕΚΔΙΔΕΤΑΙ ΔΙΑ ΤΟ ΠΡΟΓΡΑΜΜΑ ΑΝΑΠΤΥΞΕΩΣ

ΑΘΗΝΑΙ, 19.— Ὑπὸ τοῦ Ὑπουργείου Συντονισμοῦ ἀνεκοινώθη ἡ ἔκδοσις νέου ἐσωτερικοῦ ὁμολογιακοῦ δανείου.

Τὸ δάνειον, συνολικοῦ ὕψους 990.000.000 δραχμῶν, ἐκδίδεται διὰ τὴν χρηματοδότησιν τοῦ προγράμματος οἰκονομικῆς ἀναπτύξεως. Αἱ ὁμολογίαι θὰ εἶναι ἀνώνυμοι, ὀνομαστικῆς ἀξίας 1.000, 5.000 καὶ 20.000 δραχμῶν, καὶ θὰ ἀποφέρουν τόκον 7% ἐτησίως. Ἡ ἐξόφλησις θὰ γίνῃ ἐντὸς δεκαετίας διὰ κληρώσεων. Ἡ ἐγγραφὴ θὰ διενεργῆται διὰ τῆς Τραπέζης τῆς Ἑλλάδος καὶ τῶν λοιπῶν τραπεζῶν. Τὸ προϊὸν τοῦ δανείου θὰ διατεθῇ διὰ ἔργα ὑποδομῆς, ἐξηλεκτρισμὸν καὶ ἐγγειοβελτιωτικὰ ἔργα εἰς ὅλην τὴν χώραν.

Τὸ δάνειον, συνολικοῦ ὕψους 990.000.000 δραχμῶν, ἐκδίδεται διὰ τὴν χρηματοδότησιν τοῦ προγράμματος οἰκονομικῆς ἀναπτύξεως. Αἱ ὁμολογίαι θὰ εἶναι ἀνώνυμοι, ὀνομαστικῆς ἀξίας 1.000, 5.000 καὶ 20.000 δραχμῶν, καὶ θὰ ἀποφέρουν τόκον 7% ἐτησίως. Ἡ ἐξόφλησις θὰ γίνῃ ἐντὸς δεκαετίας διὰ κληρώσεων. Ἡ ἐγγραφὴ θὰ διενεργῆται διὰ τῆς Τραπέζης τῆς Ἑλλάδος καὶ τῶν λοιπῶν τραπεζῶν. Τὸ προϊὸν τοῦ δανείου θὰ διατεθῇ διὰ ἔργα ὑποδομῆς, ἐξηλεκτρισμὸν καὶ ἐγγειοβελτιωτικὰ ἔργα εἰς ὅλην τὴν χώραν.

Τὸ δάνειον, συνολικοῦ ὕψους 990.000.000 δραχμῶν, ἐκδίδεται διὰ τὴν χρηματοδότησιν τοῦ προγράμματος οἰκονομικῆς ἀναπτύξεως. Αἱ ὁμολογίαι θὰ εἶναι ἀνώνυμοι, ὀνομαστικῆς ἀξίας 1.000, 5.000 καὶ 20.000 δραχμῶν, καὶ θὰ ἀποφέρουν τόκον 7% ἐτησίως. Ἡ ἐξόφλησις θὰ γίνῃ ἐντὸς δεκαετίας διὰ κληρώσεων. Ἡ ἐγγραφὴ θὰ διενεργῆται διὰ τῆς Τραπέζης τῆς Ἑλλάδος καὶ τῶν λοιπῶν τραπεζῶν. Τὸ προϊὸν τοῦ δανείου θὰ διατεθῇ διὰ ἔργα ὑποδομῆς, ἐξηλεκτρισμὸν καὶ ἐγγειοβελτιωτικὰ ἔργα εἰς ὅλην τὴν χώραν.

Η ΠΟΛΩΝΙΑ ΥΠΕΡ ΤΗΣ ΠΡΟΤΑΣΕΩΣ ΚΡΟΥΣΤΣΕΦ Η ΑΠΑΝΤΗΣΙΣ ΤΟΥ ΝΕΧΡΟΥ ΔΕΝ ΕΓΝΩΣΘΗ ΕΙΣΕΤΙ

ΒΑΡΣΟΒΙΑ, 19. (Ρώυτερ).— Ἡ Πολωνία ἀνακοινώνει ὅτι ἀποδέχεται τὴν πρότασιν τοῦ κ. Κρούστσεφ διὰ σύγκλησιν διασκέψεως κορυφῆς.

ΝΕΟ ΔΕΛΧΙ, 19. (Ἀθην. Πρακτ.).— Ὁ πρωθυπουργὸς τῆς Ἰνδίας κ. Νεχροῦ δὲν ἔχει εἰσέτι ἀπαντήσει εἰς τὴν σοβιετικὴν πρότασιν. Κύκλοι τῆς ἰνδικῆς κυβερνήσεως δηλοῦν ὅτι ἡ ἀπάντησις θὰ δοθῇ ἐντὸς τῶν προσεχῶν ἡμερῶν. ΜΟΣΧΑ, 19. (Ρώυτερ).— Ὁ Ἀμερικανὸς πρέσβυς κ. Κρὸλ ἀφίχθη εἰς Μόσχαν.

Η ΑΠΑΝΤΗΣΙΣ ΤΟΥ ΝΕΧΡΟΥ

ΝΕΟ ΔΕΛΧΙ, 19. (Ἀθην. Πρακτ.).— Ὁ πρωθυπουργὸς τῆς Ἰνδίας κ. Νεχροῦ δὲν ἔχει εἰσέτι ἀπαντήσει εἰς τὴν σοβιετικὴν πρότασιν. Κύκλοι τῆς ἰνδικῆς κυβερνήσεως δηλοῦν ὅτι ἡ ἀπάντησις θὰ δοθῇ ἐντὸς τῶν προσεχῶν ἡμερῶν. ΜΟΣΧΑ, 19. (Ρώυτερ).— Ὁ Ἀμερικανὸς πρέσβυς κ. Κρὸλ ἀφίχθη εἰς Μόσχαν.

Ο κ. ΚΡΟΛ ΕΙΣ ΜΟΣΧΑΝ

ΝΕΟ ΔΕΛΧΙ, 19. (Ἀθην. Πρακτ.).— Ὁ πρωθυπουργὸς τῆς Ἰνδίας κ. Νεχροῦ δὲν ἔχει εἰσέτι ἀπαντήσει εἰς τὴν σοβιετικὴν πρότασιν. Κύκλοι τῆς ἰνδικῆς κυβερνήσεως δηλοῦν ὅτι ἡ ἀπάντησις θὰ δοθῇ ἐντὸς τῶν προσεχῶν ἡμερῶν. ΜΟΣΧΑ, 19. (Ρώυτερ).— Ὁ Ἀμερικανὸς πρέσβυς κ. Κρὸλ ἀφίχθη εἰς Μόσχαν.

ΔΙΑ ΠΛΑΣΤΗΣ ΑΠΟΦΑΣΕΩΣ ΤΟΥ ΥΠΟΥΡΓΟΥ ΗΘΕΛΗΣΑΝ ΝΑ ΛΑΒΟΥΝ ΑΔΕΙΑΝ ΔΙΑ ΤΑΞΙ

ΑΘΗΝΑΙ, 19.— Ὑπὸ τῆς Ἀσφαλείας ἀνεκαλύφθη ὅτι διὰ πλαστῆς ἀποφάσεως τοῦ Ὑπουργοῦ Συγκοινωνιῶν ἐπεχειρήθη ἡ ἔκδοσις ἀδειῶν κυκλοφορίας ταξί.

Οἱ δράσται συνελήφθησαν καὶ ὡδηγήθησαν εἰς τὸν εἰσαγγελέα. Ἡ ἀνάκρισις συνεχίζεται διὰ τὴν ἀνακάλυψιν καὶ ἄλλων συνενόχων. Κατὰ τὰς πληροφορίας, τὰ πλαστὰ ἔγγραφα εἶχον πωληθῆ ἀντὶ σημαντικῶν ποσῶν.

ΔΙΑ ΛΟΓΑΡΙΑΣΜΟΝ ΤΟΥ ΝΑΤΟ Ή ΤΟΥ ΙΣΡΑΗΛ ΕΝΗΡΓΟΥΝ ΚΑΤΑΣΚΟΠΕΙΑΝ ΟΙ 11 ΕΛΛΗΝΕΣ
οἱ συλληφθέντες τὴν 14ην Αὐγούστου
ἀπὸ τὴν αἰγυπτιακὴν ἀστυνομίαν;

ΚΑΪΡΟΝ, 19. (Ἀθην. Πρακτ.).— Ἡ ἀνακοίνωσις τοῦ αἰγυπτιακοῦ Ὑπουργείου Ἐσωτερικῶν ἀναφέρει ὅτι οἱ 11 Ἕλληνες, συλληφθέντες τὴν 14ην Αὐγούστου, ἐνήργουν κατασκοπείαν.

Κατὰ τὴν ἀνακοίνωσιν, οἱ κατηγορούμενοι συνέλεγον πληροφορίας στρατιωτικοῦ χαρακτῆρος διὰ λογαριασμὸν τοῦ ΝΑΤΟ ἢ τοῦ Ἰσραήλ καὶ διεβίβαζον αὐτὰς μέσῳ Ἀθηνῶν. Ἡ ἑλληνικὴ πρεσβεία ἐν Καΐρῳ ἐζήτησε λεπτομερείας καὶ παρακολουθεῖ τὴν ὑπόθεσιν. Οἱ συλληφθέντες εἶναι κάτοικοι Ἀλεξανδρείας καὶ Καΐρου, ἐμπορευόμενοι ἐπὶ σειρὰν ἐτῶν. Ἡ δίκη των ἀναμένεται νὰ διεξαχθῇ ἐνώπιον στρατοδικείου. ΑΘΗΝΑΙ, 19.— Ἁρμόδιοι κύκλοι τοῦ Ὑπουργείου Ἐξωτερικῶν δηλοῦν ὅτι οὐδεμίαν ἐπίσημον ἐνημέρωσιν ἔχουν λάβει.

Κατὰ τὴν ἀνακοίνωσιν, οἱ κατηγορούμενοι συνέλεγον πληροφορίας στρατιωτικοῦ χαρακτῆρος διὰ λογαριασμὸν τοῦ ΝΑΤΟ ἢ τοῦ Ἰσραήλ καὶ διεβίβαζον αὐτὰς μέσῳ Ἀθηνῶν. Ἡ ἑλληνικὴ πρεσβεία ἐν Καΐρῳ ἐζήτησε λεπτομερείας καὶ παρακολουθεῖ τὴν ὑπόθεσιν. Οἱ συλληφθέντες εἶναι κάτοικοι Ἀλεξανδρείας καὶ Καΐρου, ἐμπορευόμενοι ἐπὶ σειρὰν ἐτῶν. Ἡ δίκη των ἀναμένεται νὰ διεξαχθῇ ἐνώπιον στρατοδικείου. ΑΘΗΝΑΙ, 19.— Ἁρμόδιοι κύκλοι τοῦ Ὑπουργείου Ἐξωτερικῶν δηλοῦν ὅτι οὐδεμίαν ἐπίσημον ἐνημέρωσιν ἔχουν λάβει.

ΕΠΑΦΑΙ ΜΕΣΩ ΑΘΗΝΩΝ

Κατὰ τὴν ἀνακοίνωσιν, οἱ κατηγορούμενοι συνέλεγον πληροφορίας στρατιωτικοῦ χαρακτῆρος διὰ λογαριασμὸν τοῦ ΝΑΤΟ ἢ τοῦ Ἰσραήλ καὶ διεβίβαζον αὐτὰς μέσῳ Ἀθηνῶν. Ἡ ἑλληνικὴ πρεσβεία ἐν Καΐρῳ ἐζήτησε λεπτομερείας καὶ παρακολουθεῖ τὴν ὑπόθεσιν. Οἱ συλληφθέντες εἶναι κάτοικοι Ἀλεξανδρείας καὶ Καΐρου, ἐμπορευόμενοι ἐπὶ σειρὰν ἐτῶν. Ἡ δίκη των ἀναμένεται νὰ διεξαχθῇ ἐνώπιον στρατοδικείου. ΑΘΗΝΑΙ, 19.— Ἁρμόδιοι κύκλοι τοῦ Ὑπουργείου Ἐξωτερικῶν δηλοῦν ὅτι οὐδεμίαν ἐπίσημον ἐνημέρωσιν ἔχουν λάβει.

Τερματίζονται πλέον αἱ ἀναβολαί;
ΠΙΘΑΝΟΝ ΝΑ ΠΡΑΓΜΑΤΟΠΟΙΗΘΗ ΣΗΜΕΡΟΝ Η ΕΚΤΟΞΕΥΣΙΣ ΤΟΥ ΑΣΤΡΟΝΑΥΤΟΥ ΓΚΛΕΝ ΕΚΟΠΑΣΕΝ ΑΙΣΘΗΤΩΣ Η ΘΑΛΑΣΣΟΤΑΡΑΧΗ
Πύραυλος, διαστημόπλοιον καὶ ἀστροναύτης
ἡτοιμάσθησαν πλήρως διὰ τὴν ἐκτόξευσιν

ΑΚΡΩΤΗΡΙΟΝ ΚΑΝΑΒΕΡΑΛ, ΦΛΩΡΙΔΑ, 19. (Ρώυτερ).— Ἡ Ἐθνικὴ Ὑπηρεσία Ἀεροναυτικῆς καὶ Διαστήματος ἀνεκοίνωσεν ὅτι ὑπάρχουν πιθανότητες ἐκτοξεύσεως σήμερον.

Ἡ θαλασσοταραχὴ εἰς τὴν περιοχὴν περισυλλογῆς ἐκόπασεν αἰσθητῶς, οἱ δὲ μετεωρολόγοι προβλέπουν εὐνοϊκὰς συνθήκας. Ὁ πύραυλος, τὸ διαστημόπλοιον καὶ ὁ ἀστροναύτης Τζὼν Γκλὲν ἡτοιμάσθησαν πλήρως διὰ τὴν ἐκτόξευσιν. Ἡ ἐκτόξευσις εἶχεν ἀναβληθῆ πολλάκις λόγῳ τεχνικῶν δυσχερειῶν καὶ δυσμενῶν καιρικῶν συνθηκῶν. Ὁ Γκλὲν θὰ ἐκτελέσῃ τρεῖς περιστροφὰς περὶ τὴν Γῆν.

Ἡ θαλασσοταραχὴ εἰς τὴν περιοχὴν περισυλλογῆς ἐκόπασεν αἰσθητῶς, οἱ δὲ μετεωρολόγοι προβλέπουν εὐνοϊκὰς συνθήκας. Ὁ πύραυλος, τὸ διαστημόπλοιον καὶ ὁ ἀστροναύτης Τζὼν Γκλὲν ἡτοιμάσθησαν πλήρως διὰ τὴν ἐκτόξευσιν. Ἡ ἐκτόξευσις εἶχεν ἀναβληθῆ πολλάκις λόγῳ τεχνικῶν δυσχερειῶν καὶ δυσμενῶν καιρικῶν συνθηκῶν. Ὁ Γκλὲν θὰ ἐκτελέσῃ τρεῖς περιστροφὰς περὶ τὴν Γῆν.

Ο κ. ΤΑΛΜΠΟΤ ΧΑΡΑΚΤΗΡΙΖΕΙ ΕΝΔΙΑΦΕΡΟΥΣΑΝ ΚΑΙ ΕΞΟΧΩΣ ΜΑΛΙΣΤΑ ΚΑΤΑΤΟΠΙΣΤΙΚΗΝ ΤΗΝ ΕΠΙΣΚΕΨΙΝ ΤΟΥ ΕΙΣ ΤΗΝ ΘΕΣΣΑΛΟΝΙΚΗΝ

Ὁ βοηθὸς ὑπουργὸς Ἐξωτερικῶν τῶν Ἡνωμένων Πολιτειῶν κ. Φίλιπς Τάλμποτ, μετὰ τὴν ἐπίσκεψίν του εἰς Θεσσαλονίκην, ἐδήλωσεν ὅτι αὕτη ὑπῆρξεν ἐνδιαφέρουσα.

Ὁ κ. Τάλμποτ ἐχαρακτήρισε τὴν ἐπίσκεψιν ἐξόχως κατατοπιστικήν, διότι τοῦ ἐδόθη ἡ εὐκαιρία νὰ γνωρίσῃ ἐκ τοῦ πλησίον τὰ προβλήματα τῆς Βορείου Ἑλλάδος. Ἐπεσκέφθη τὴν Διεθνῆ Ἔκθεσιν, βιομηχανικὰς μονάδας καὶ τὸ Πανεπιστήμιον, ὅπου συνωμίλησε μὲ καθηγητάς. Κατὰ τὰς δηλώσεις του εἰς τὰς Ἀθήνας ἐτόνισε τὴν σημασίαν τῆς ἀναπτύξεως τῆς περιοχῆς καὶ τὴν διάθεσιν τῶν Ἡνωμένων Πολιτειῶν νὰ συνδράμουν τὰς προσπαθείας τῆς ἑλληνικῆς κυβερνήσεως. Ὁ Ἀμερικανὸς ἀξιωματοῦχος θὰ συναντηθῇ σήμερον μετὰ τοῦ πρωθυπουργοῦ.

ΕΙΣΟΚΟΣ ΚΑΤΑΤΟΠΙΣΤΙΚΗ

Ὁ κ. Τάλμποτ ἐχαρακτήρισε τὴν ἐπίσκεψιν ἐξόχως κατατοπιστικήν, διότι τοῦ ἐδόθη ἡ εὐκαιρία νὰ γνωρίσῃ ἐκ τοῦ πλησίον τὰ προβλήματα τῆς Βορείου Ἑλλάδος. Ἐπεσκέφθη τὴν Διεθνῆ Ἔκθεσιν, βιομηχανικὰς μονάδας καὶ τὸ Πανεπιστήμιον, ὅπου συνωμίλησε μὲ καθηγητάς. Κατὰ τὰς δηλώσεις του εἰς τὰς Ἀθήνας ἐτόνισε τὴν σημασίαν τῆς ἀναπτύξεως τῆς περιοχῆς καὶ τὴν διάθεσιν τῶν Ἡνωμένων Πολιτειῶν νὰ συνδράμουν τὰς προσπαθείας τῆς ἑλληνικῆς κυβερνήσεως. Ὁ Ἀμερικανὸς ἀξιωματοῦχος θὰ συναντηθῇ σήμερον μετὰ τοῦ πρωθυπουργοῦ.

ΔΗΛΩΣΕΙΣ ΕΙΣ ΤΑΣ ΑΘΗΝΑΣ

Ὁ κ. Τάλμποτ ἐχαρακτήρισε τὴν ἐπίσκεψιν ἐξόχως κατατοπιστικήν, διότι τοῦ ἐδόθη ἡ εὐκαιρία νὰ γνωρίσῃ ἐκ τοῦ πλησίον τὰ προβλήματα τῆς Βορείου Ἑλλάδος. Ἐπεσκέφθη τὴν Διεθνῆ Ἔκθεσιν, βιομηχανικὰς μονάδας καὶ τὸ Πανεπιστήμιον, ὅπου συνωμίλησε μὲ καθηγητάς. Κατὰ τὰς δηλώσεις του εἰς τὰς Ἀθήνας ἐτόνισε τὴν σημασίαν τῆς ἀναπτύξεως τῆς περιοχῆς καὶ τὴν διάθεσιν τῶν Ἡνωμένων Πολιτειῶν νὰ συνδράμουν τὰς προσπαθείας τῆς ἑλληνικῆς κυβερνήσεως. Ὁ Ἀμερικανὸς ἀξιωματοῦχος θὰ συναντηθῇ σήμερον μετὰ τοῦ πρωθυπουργοῦ.
